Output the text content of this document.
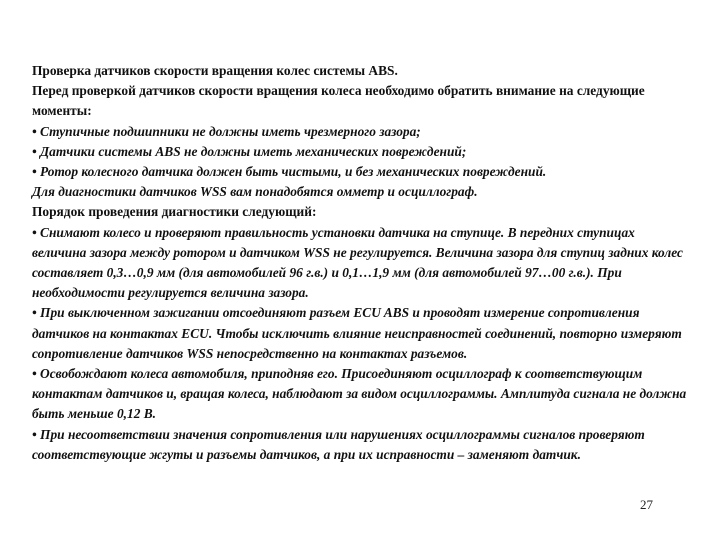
Проверка датчиков скорости вращения колес системы ABS.

Перед проверкой датчиков скорости вращения колеса необходимо обратить внимание на следующие моменты:

• Ступичные подшипники не должны иметь чрезмерного зазора;

• Датчики системы ABS не должны иметь механических повреждений;

• Ротор колесного датчика должен быть чистыми, и без механических повреждений.

Для диагностики датчиков WSS вам понадобятся омметр и осциллограф.

Порядок проведения диагностики следующий:

• Снимают колесо и проверяют правильность установки датчика на ступице. В передних ступицах величина зазора между ротором и датчиком WSS не регулируется. Величина зазора для ступиц задних колес составляет 0,3…0,9 мм (для автомобилей 96 г.в.) и 0,1…1,9 мм (для автомобилей 97…00 г.в.). При необходимости регулируется величина зазора.

• При выключенном зажигании отсоединяют разъем ECU ABS и проводят измерение сопротивления датчиков на контактах ECU. Чтобы исключить влияние неисправностей соединений, повторно измеряют сопротивление датчиков WSS непосредственно на контактах разъемов.

• Освобождают колеса автомобиля, приподняв его. Присоединяют осциллограф к соответствующим контактам датчиков и, вращая колеса, наблюдают за видом осциллограммы. Амплитуда сигнала не должна быть меньше 0,12 В.

• При несоответствии значения сопротивления или нарушениях осциллограммы сигналов проверяют соответствующие жгуты и разъемы датчиков, а при их исправности – заменяют датчик.

27
